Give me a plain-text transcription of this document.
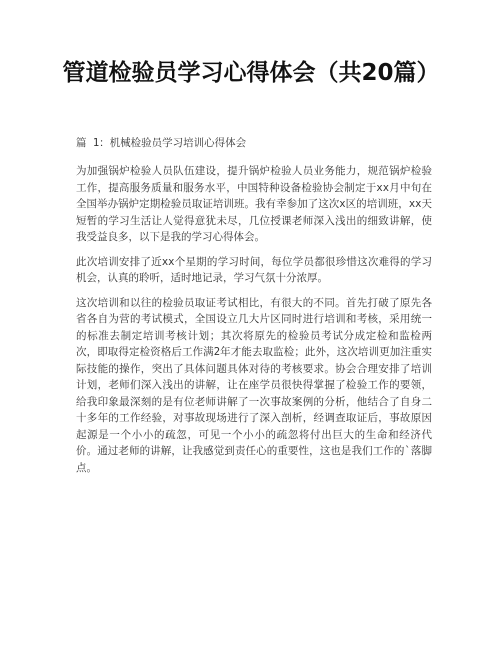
管道检验员学习心得体会（共20篇）
篇 1：机械检验员学习培训心得体会

为加强锅炉检验人员队伍建设，提升锅炉检验人员业务能力，规范锅炉检验工作，提高服务质量和服务水平，中国特种设备检验协会制定于xx月中旬在全国举办锅炉定期检验员取证培训班。我有幸参加了这次x区的培训班，xx天短暂的学习生活让人觉得意犹未尽，几位授课老师深入浅出的细致讲解，使我受益良多，以下是我的学习心得体会。

此次培训安排了近xx个星期的学习时间，每位学员都很珍惜这次难得的学习机会，认真的聆听，适时地记录，学习气氛十分浓厚。

这次培训和以往的检验员取证考试相比，有很大的不同。首先打破了原先各省各自为营的考试模式，全国设立几大片区同时进行培训和考核，采用统一的标准去制定培训考核计划；其次将原先的检验员考试分成定检和监检两次，即取得定检资格后工作满2年才能去取监检；此外，这次培训更加注重实际技能的操作，突出了具体问题具体对待的考核要求。协会合理安排了培训计划，老师们深入浅出的讲解，让在座学员很快得掌握了检验工作的要领，给我印象最深刻的是有位老师讲解了一次事故案例的分析，他结合了自身二十多年的工作经验，对事故现场进行了深入剖析，经调查取证后，事故原因起源是一个小小的疏忽，可见一个小小的疏忽将付出巨大的生命和经济代价。通过老师的讲解，让我感觉到责任心的重要性，这也是我们工作的`落脚点。
